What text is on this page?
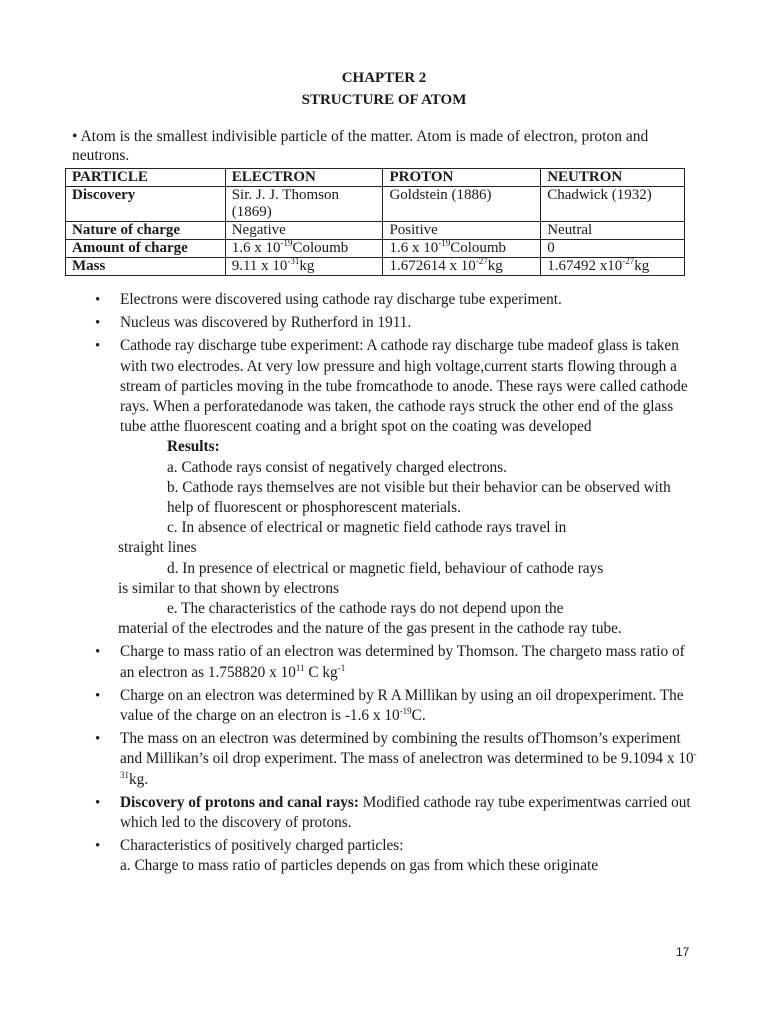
CHAPTER 2
STRUCTURE OF ATOM
• Atom is the smallest indivisible particle of the matter. Atom is made of electron, proton and neutrons.
PARTICLE	ELECTRON	PROTON	NEUTRON
Discovery	Sir. J. J. Thomson (1869)	Goldstein (1886)	Chadwick (1932)
Nature of charge	Negative	Positive	Neutral
Amount of charge	1.6 x $10^{-19}Coloumb$	1.6 x $10^{-19}Coloumb$	0
Mass	9.11 x $10^{-31}kg$	1.672614 x $10^{-27}kg$	1.67492 $x10^{-27}kg$
• Electrons were discovered using cathode ray discharge tube experiment.
• Nucleus was discovered by Rutherford in 1911.
• Cathode ray discharge tube experiment: A cathode ray discharge tube madeof glass is taken with two electrodes. At very low pressure and high voltage,current starts flowing through a stream of particles moving in the tube fromcathode to anode. These rays were called cathode rays. When a perforatedanode was taken, the cathode rays struck the other end of the glass tube atthe fluorescent coating and a bright spot on the coating was developed
Results:
a. Cathode rays consist of negatively charged electrons.
b. Cathode rays themselves are not visible but their behavior can be observed with
help of fluorescent or phosphorescent materials.
c. In absence of electrical or magnetic field cathode rays travel in
straight lines
d. In presence of electrical or magnetic field, behaviour of cathode rays
is similar to that shown by electrons
e. The characteristics of the cathode rays do not depend upon the
material of the electrodes and the nature of the gas present in the cathode ray tube.
• Charge to mass ratio of an electron was determined by Thomson. The chargeto mass ratio of an electron as 1.758820 x $10^{11}$ C $kg^{-1}$
• Charge on an electron was determined by R A Millikan by using an oil dropexperiment. The value of the charge on an electron is -1.6 x $10^{-19}C$.
• The mass on an electron was determined by combining the results ofThomson’s experiment and Millikan’s oil drop experiment. The mass of anelectron was determined to be 9.1094 x $10^{-31}kg$.
• Discovery of protons and canal rays: Modified cathode ray tube experimentwas carried out which led to the discovery of protons.
• Characteristics of positively charged particles:
a. Charge to mass ratio of particles depends on gas from which these originate
17
